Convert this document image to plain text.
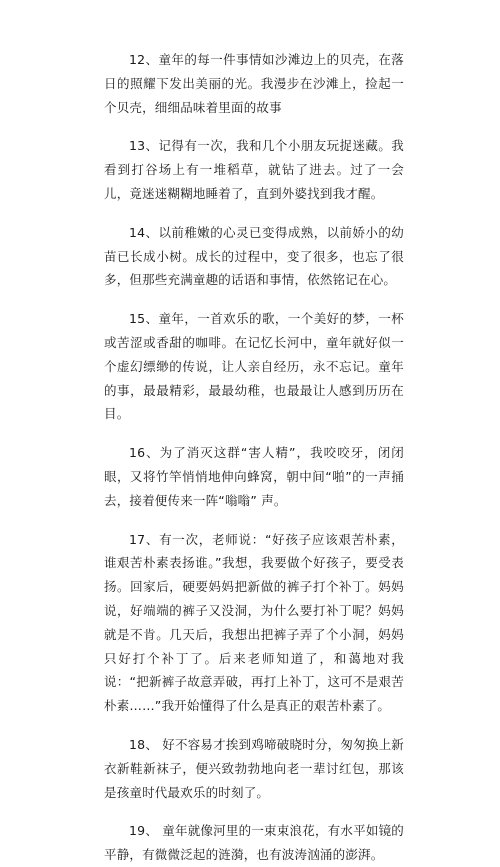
12、童年的每一件事情如沙滩边上的贝壳，在落日的照耀下发出美丽的光。我漫步在沙滩上，捡起一个贝壳，细细品味着里面的故事

13、记得有一次，我和几个小朋友玩捉迷藏。我看到打谷场上有一堆稻草，就钻了进去。过了一会儿，竟迷迷糊糊地睡着了，直到外婆找到我才醒。

14、以前稚嫩的心灵已变得成熟，以前娇小的幼苗已长成小树。成长的过程中，变了很多，也忘了很多，但那些充满童趣的话语和事情，依然铭记在心。

15、童年，一首欢乐的歌，一个美好的梦，一杯或苦涩或香甜的咖啡。在记忆长河中，童年就好似一个虚幻缥缈的传说，让人亲自经历，永不忘记。童年的事，最最精彩，最最幼稚，也最最让人感到历历在目。

16、为了消灭这群“害人精”，我咬咬牙，闭闭眼，又将竹竿悄悄地伸向蜂窝，朝中间“啪”的一声捅去，接着便传来一阵“嗡嗡” 声。

17、有一次，老师说：“好孩子应该艰苦朴素，谁艰苦朴素表扬谁。”我想，我要做个好孩子，要受表扬。回家后，硬要妈妈把新做的裤子打个补丁。妈妈说，好端端的裤子又没洞，为什么要打补丁呢？妈妈就是不肯。几天后，我想出把裤子弄了个小洞，妈妈只好打个补丁了。后来老师知道了，和蔼地对我说：“把新裤子故意弄破，再打上补丁，这可不是艰苦朴素……”我开始懂得了什么是真正的艰苦朴素了。

18、 好不容易才挨到鸡啼破晓时分，匆匆换上新衣新鞋新袜子，便兴致勃勃地向老一辈讨红包，那该是孩童时代最欢乐的时刻了。

19、 童年就像河里的一束束浪花，有水平如镜的平静，有微微泛起的涟漪，也有波涛汹涌的澎湃。
